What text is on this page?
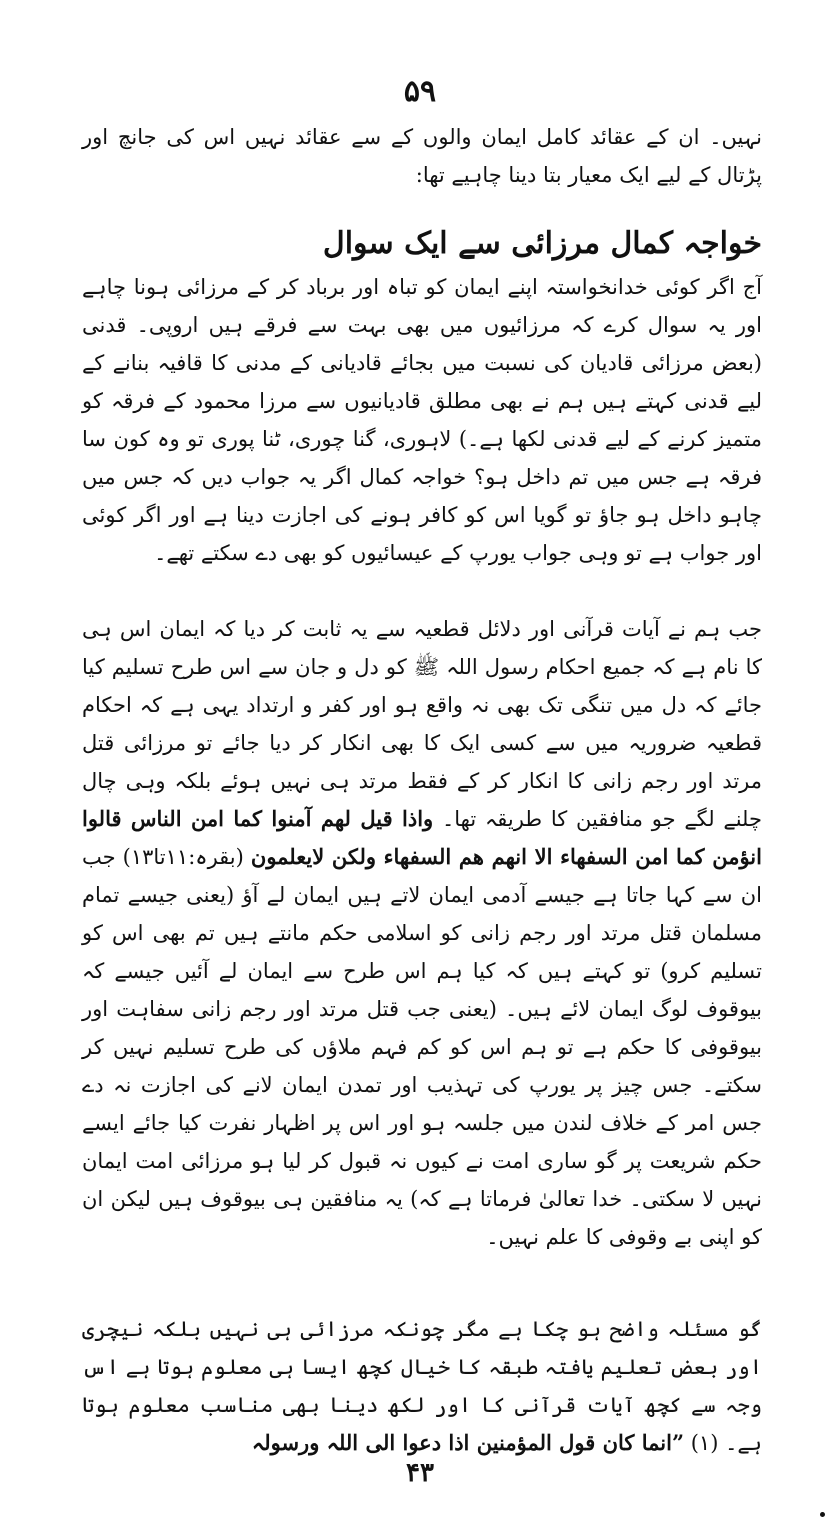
۵۹
نہیں۔ ان کے عقائد کامل ایمان والوں کے سے عقائد نہیں اس کی جانچ اور پڑتال کے لیے ایک معیار بتا دینا چاہیے تھا:
خواجہ کمال مرزائی سے ایک سوال
آج اگر کوئی خدانخواستہ اپنے ایمان کو تباہ اور برباد کر کے مرزائی ہونا چاہے اور یہ سوال کرے کہ مرزائیوں میں بھی بہت سے فرقے ہیں اروپی۔ قدنی (بعض مرزائی قادیان کی نسبت میں بجائے قادیانی کے مدنی کا قافیہ بنانے کے لیے قدنی کہتے ہیں ہم نے بھی مطلق قادیانیوں سے مرزا محمود کے فرقہ کو متمیز کرنے کے لیے قدنی لکھا ہے۔) لاہوری، گنا چوری، ٹنا پوری تو وہ کون سا فرقہ ہے جس میں تم داخل ہو؟ خواجہ کمال اگر یہ جواب دیں کہ جس میں چاہو داخل ہو جاؤ تو گویا اس کو کافر ہونے کی اجازت دینا ہے اور اگر کوئی اور جواب ہے تو وہی جواب یورپ کے عیسائیوں کو بھی دے سکتے تھے۔
جب ہم نے آیات قرآنی اور دلائل قطعیہ سے یہ ثابت کر دیا کہ ایمان اس ہی کا نام ہے کہ جمیع احکام رسول اللہ ﷺ کو دل و جان سے اس طرح تسلیم کیا جائے کہ دل میں تنگی تک بھی نہ واقع ہو اور کفر و ارتداد یہی ہے کہ احکام قطعیہ ضروریہ میں سے کسی ایک کا بھی انکار کر دیا جائے تو مرزائی قتل مرتد اور رجم زانی کا انکار کر کے فقط مرتد ہی نہیں ہوئے بلکہ وہی چال چلنے لگے جو منافقین کا طریقہ تھا۔ واذا قیل لھم آمنوا کما امن الناس قالوا انؤمن کما امن السفھاء الا انھم ھم السفھاء ولکن لایعلمون (بقرہ:۱۱تا۱۳) جب ان سے کہا جاتا ہے جیسے آدمی ایمان لاتے ہیں ایمان لے آؤ (یعنی جیسے تمام مسلمان قتل مرتد اور رجم زانی کو اسلامی حکم مانتے ہیں تم بھی اس کو تسلیم کرو) تو کہتے ہیں کہ کیا ہم اس طرح سے ایمان لے آئیں جیسے کہ بیوقوف لوگ ایمان لائے ہیں۔ (یعنی جب قتل مرتد اور رجم زانی سفاہت اور بیوقوفی کا حکم ہے تو ہم اس کو کم فہم ملاؤں کی طرح تسلیم نہیں کر سکتے۔ جس چیز پر یورپ کی تہذیب اور تمدن ایمان لانے کی اجازت نہ دے جس امر کے خلاف لندن میں جلسہ ہو اور اس پر اظہار نفرت کیا جائے ایسے حکم شریعت پر گو ساری امت نے کیوں نہ قبول کر لیا ہو مرزائی امت ایمان نہیں لا سکتی۔ خدا تعالیٰ فرماتا ہے کہ) یہ منافقین ہی بیوقوف ہیں لیکن ان کو اپنی بے وقوفی کا علم نہیں۔
گو مسئلہ واضح ہو چکا ہے مگر چونکہ مرزائی ہی نہیں بلکہ نیچری اور بعض تعلیم یافتہ طبقہ کا خیال کچھ ایسا ہی معلوم ہوتا ہے اس وجہ سے کچھ آیات قرآنی کا اور لکھ دینا بھی مناسب معلوم ہوتا ہے۔ (۱) ”انما کان قول المؤمنین اذا دعوا الی اللہ ورسولہ
۴۳
